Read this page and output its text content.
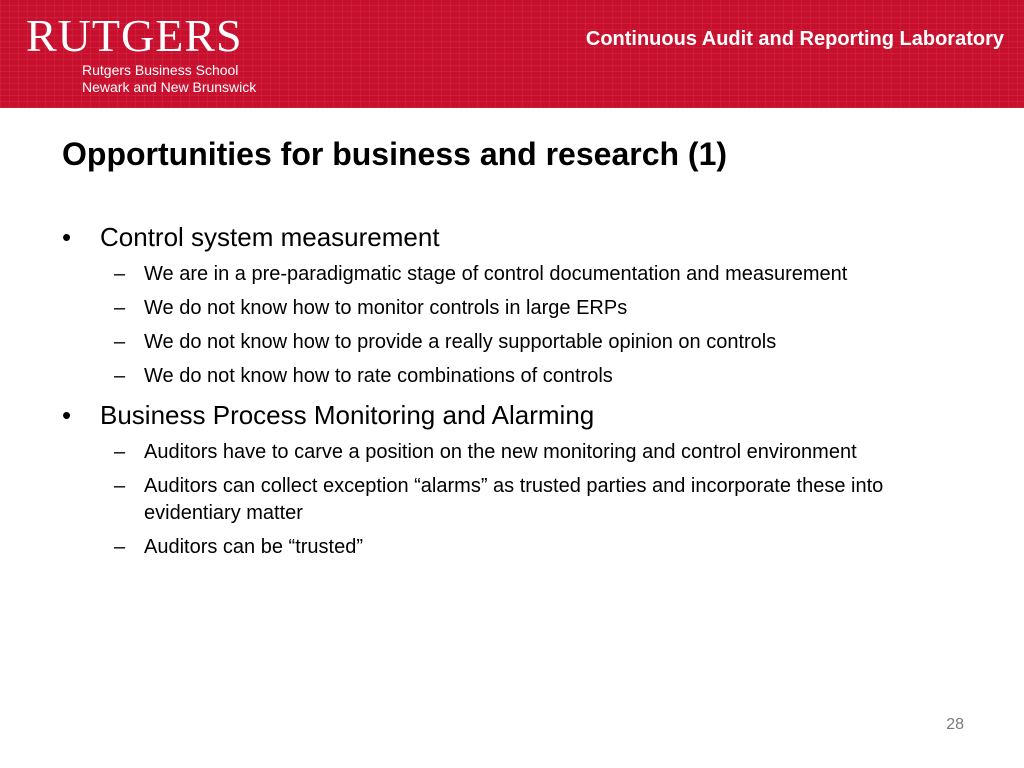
RUTGERS
Rutgers Business School
Newark and New Brunswick
Continuous Audit and Reporting Laboratory
Opportunities for business and research (1)
•	Control system measurement
– We are in a pre-paradigmatic stage of control documentation and measurement
– We do not know how to monitor controls in large ERPs
– We do not know how to provide a really supportable opinion on controls
– We do not know how to rate combinations of controls
•	Business Process Monitoring and Alarming
– Auditors have to carve a position on the new monitoring and control environment
– Auditors can collect exception “alarms” as trusted parties and incorporate these into evidentiary matter
– Auditors can be “trusted”
28
